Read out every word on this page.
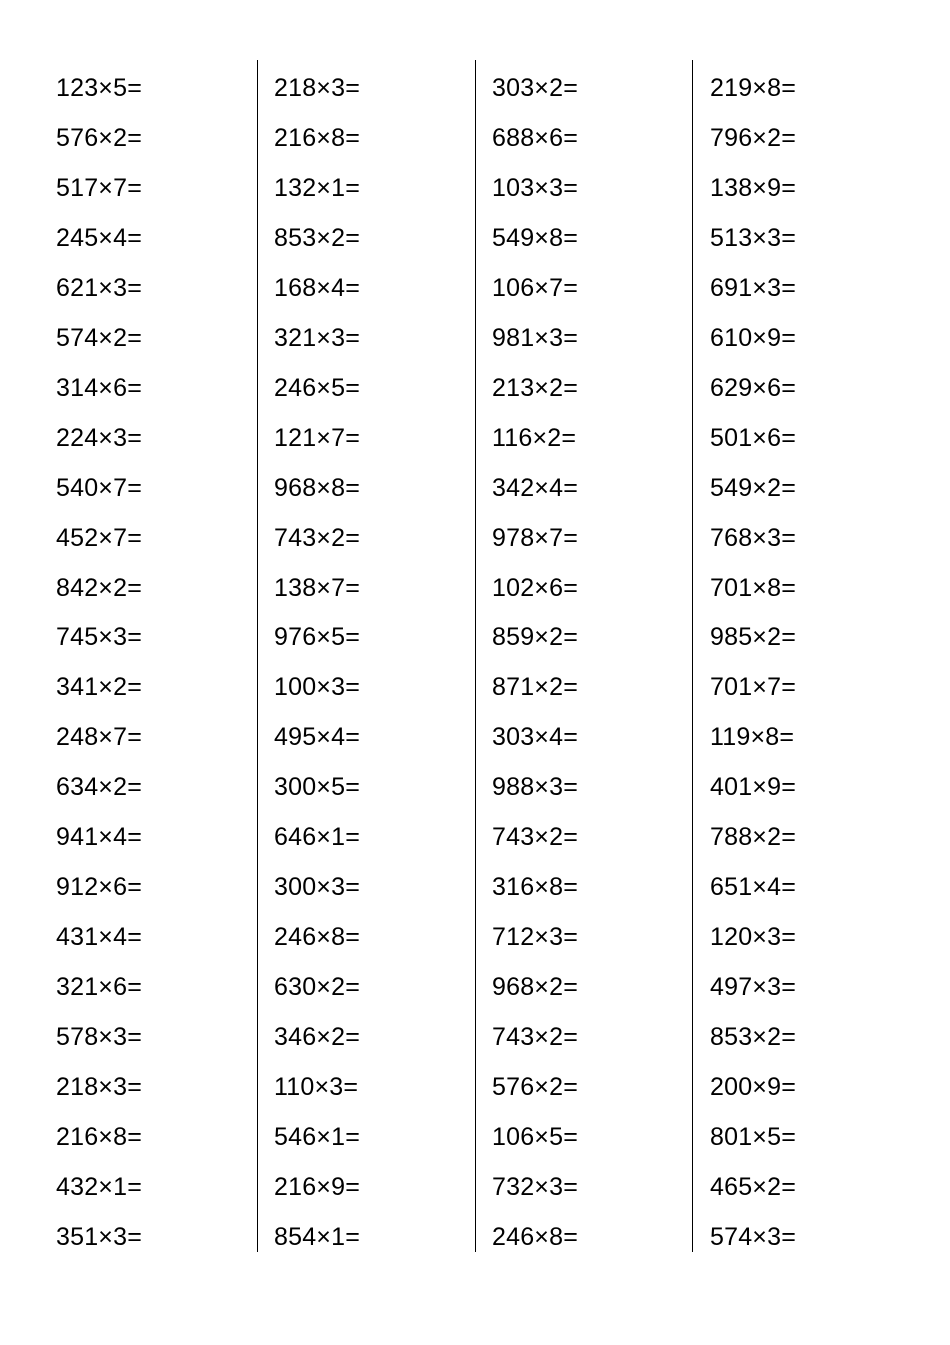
123×5=
576×2=
517×7=
245×4=
621×3=
574×2=
314×6=
224×3=
540×7=
452×7=
842×2=
745×3=
341×2=
248×7=
634×2=
941×4=
912×6=
431×4=
321×6=
578×3=
218×3=
216×8=
432×1=
351×3=
218×3=
216×8=
132×1=
853×2=
168×4=
321×3=
246×5=
121×7=
968×8=
743×2=
138×7=
976×5=
100×3=
495×4=
300×5=
646×1=
300×3=
246×8=
630×2=
346×2=
110×3=
546×1=
216×9=
854×1=
303×2=
688×6=
103×3=
549×8=
106×7=
981×3=
213×2=
116×2=
342×4=
978×7=
102×6=
859×2=
871×2=
303×4=
988×3=
743×2=
316×8=
712×3=
968×2=
743×2=
576×2=
106×5=
732×3=
246×8=
219×8=
796×2=
138×9=
513×3=
691×3=
610×9=
629×6=
501×6=
549×2=
768×3=
701×8=
985×2=
701×7=
119×8=
401×9=
788×2=
651×4=
120×3=
497×3=
853×2=
200×9=
801×5=
465×2=
574×3=
